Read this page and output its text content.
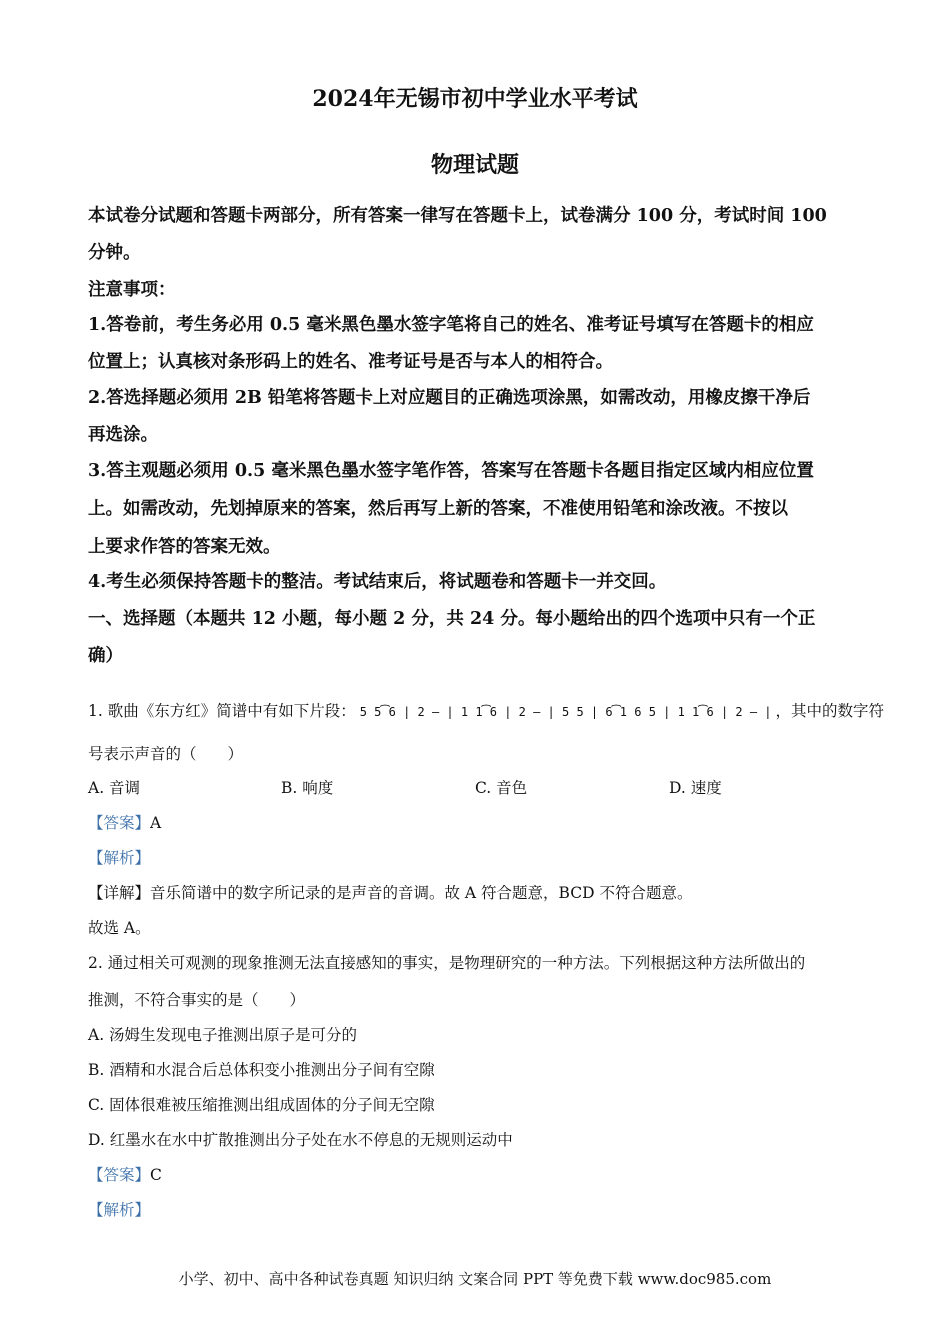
2024年无锡市初中学业水平考试
物理试题
本试卷分试题和答题卡两部分，所有答案一律写在答题卡上，试卷满分 100 分，考试时间 100
分钟。
注意事项：
1.答卷前，考生务必用 0.5 毫米黑色墨水签字笔将自己的姓名、准考证号填写在答题卡的相应
位置上；认真核对条形码上的姓名、准考证号是否与本人的相符合。
2.答选择题必须用 2B 铅笔将答题卡上对应题目的正确选项涂黑，如需改动，用橡皮擦干净后
再选涂。
3.答主观题必须用 0.5 毫米黑色墨水签字笔作答，答案写在答题卡各题目指定区域内相应位置
上。如需改动，先划掉原来的答案，然后再写上新的答案，不准使用铅笔和涂改液。不按以
上要求作答的答案无效。
4.考生必须保持答题卡的整洁。考试结束后，将试题卷和答题卡一并交回。
一、选择题（本题共 12 小题，每小题 2 分，共 24 分。每小题给出的四个选项中只有一个正
确）
1. 歌曲《东方红》简谱中有如下片段： 5 5͡6 | 2 – | 1 1͡6 | 2 – | 5 5 | 6͡1 6 5 | 1 1͡6 | 2 – | ，其中的数字符
号表示声音的（　　）
A. 音调	B. 响度	C. 音色	D. 速度
【答案】A
【解析】
【详解】音乐简谱中的数字所记录的是声音的音调。故 A 符合题意，BCD 不符合题意。
故选 A。
2. 通过相关可观测的现象推测无法直接感知的事实，是物理研究的一种方法。下列根据这种方法所做出的
推测，不符合事实的是（　　）
A. 汤姆生发现电子推测出原子是可分的
B. 酒精和水混合后总体积变小推测出分子间有空隙
C. 固体很难被压缩推测出组成固体的分子间无空隙
D. 红墨水在水中扩散推测出分子处在水不停息的无规则运动中
【答案】C
【解析】
小学、初中、高中各种试卷真题 知识归纳 文案合同 PPT 等免费下载 www.doc985.com
